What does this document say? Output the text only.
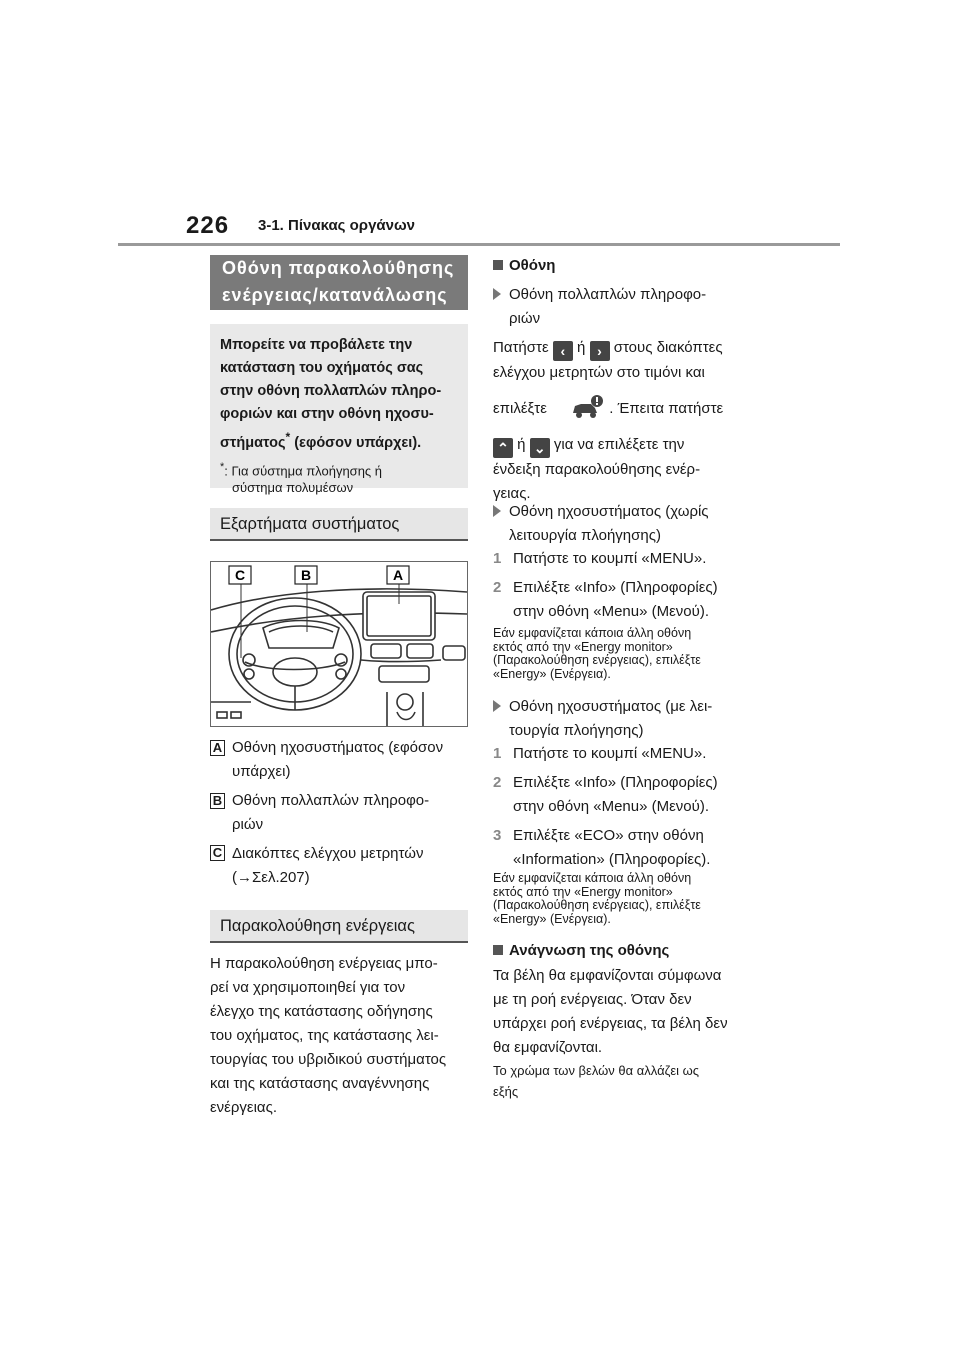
226 3-1. Πίνακας οργάνων
Οθόνη παρακολούθησης
ενέργειας/κατανάλωσης
Μπορείτε να προβάλετε την
κατάσταση του οχήματός σας
στην οθόνη πολλαπλών πληρο-
φοριών και στην οθόνη ηχοσυ-
στήματος* (εφόσον υπάρχει).
*: Για σύστημα πλοήγησης ή
σύστημα πολυμέσων
Εξαρτήματα συστήματος
C	B	A
A Οθόνη ηχοσυστήματος (εφόσον
υπάρχει)
B Οθόνη πολλαπλών πληροφο-
ριών
C Διακόπτες ελέγχου μετρητών
(→Σελ.207)
Παρακολούθηση ενέργειας
Η παρακολούθηση ενέργειας μπο-
ρεί να χρησιμοποιηθεί για τον
έλεγχο της κατάστασης οδήγησης
του οχήματος, της κατάστασης λει-
τουργίας του υβριδικού συστήματος
και της κατάστασης αναγέννησης
ενέργειας.
Οθόνη
Οθόνη πολλαπλών πληροφο-
ριών
Πατήστε ‹ ή › στους διακόπτες
ελέγχου μετρητών στο τιμόνι και
επιλέξτε	. Έπειτα πατήστε
⌃ ή ⌄ για να επιλέξετε την
ένδειξη παρακολούθησης ενέρ-
γειας.
Οθόνη ηχοσυστήματος (χωρίς
λειτουργία πλοήγησης)
1 Πατήστε το κουμπί «MENU».
2 Επιλέξτε «Info» (Πληροφορίες)
στην οθόνη «Menu» (Μενού).
Εάν εμφανίζεται κάποια άλλη οθόνη
εκτός από την «Energy monitor»
(Παρακολούθηση ενέργειας), επιλέξτε
«Energy» (Ενέργεια).
Οθόνη ηχοσυστήματος (με λει-
τουργία πλοήγησης)
1 Πατήστε το κουμπί «MENU».
2 Επιλέξτε «Info» (Πληροφορίες)
στην οθόνη «Menu» (Μενού).
3 Επιλέξτε «ECO» στην οθόνη
«Information» (Πληροφορίες).
Εάν εμφανίζεται κάποια άλλη οθόνη
εκτός από την «Energy monitor»
(Παρακολούθηση ενέργειας), επιλέξτε
«Energy» (Ενέργεια).
Ανάγνωση της οθόνης
Τα βέλη θα εμφανίζονται σύμφωνα
με τη ροή ενέργειας. Όταν δεν
υπάρχει ροή ενέργειας, τα βέλη δεν
θα εμφανίζονται.
Το χρώμα των βελών θα αλλάζει ως
εξής
